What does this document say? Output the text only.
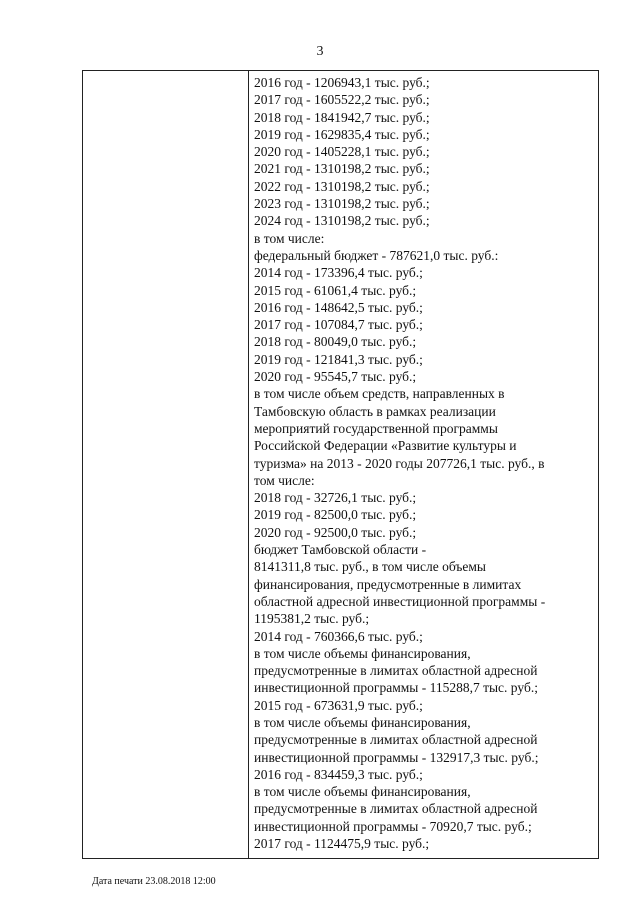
3
2016 год - 1206943,1 тыс. руб.;
2017 год - 1605522,2 тыс. руб.;
2018 год - 1841942,7 тыс. руб.;
2019 год - 1629835,4 тыс. руб.;
2020 год - 1405228,1 тыс. руб.;
2021 год - 1310198,2 тыс. руб.;
2022 год - 1310198,2 тыс. руб.;
2023 год - 1310198,2 тыс. руб.;
2024 год - 1310198,2 тыс. руб.;
в том числе:
федеральный бюджет - 787621,0 тыс. руб.:
2014 год - 173396,4 тыс. руб.;
2015 год - 61061,4 тыс. руб.;
2016 год - 148642,5 тыс. руб.;
2017 год - 107084,7 тыс. руб.;
2018 год - 80049,0 тыс. руб.;
2019 год - 121841,3 тыс. руб.;
2020 год - 95545,7 тыс. руб.;
в том числе объем средств, направленных в
Тамбовскую область в рамках реализации
мероприятий государственной программы
Российской Федерации «Развитие культуры и
туризма» на 2013 - 2020 годы 207726,1 тыс. руб., в
том числе:
2018 год - 32726,1 тыс. руб.;
2019 год - 82500,0 тыс. руб.;
2020 год - 92500,0 тыс. руб.;
бюджет Тамбовской области -
8141311,8 тыс. руб., в том числе объемы
финансирования, предусмотренные в лимитах
областной адресной инвестиционной программы -
1195381,2 тыс. руб.;
2014 год - 760366,6 тыс. руб.;
в том числе объемы финансирования,
предусмотренные в лимитах областной адресной
инвестиционной программы - 115288,7 тыс. руб.;
2015 год - 673631,9 тыс. руб.;
в том числе объемы финансирования,
предусмотренные в лимитах областной адресной
инвестиционной программы - 132917,3 тыс. руб.;
2016 год - 834459,3 тыс. руб.;
в том числе объемы финансирования,
предусмотренные в лимитах областной адресной
инвестиционной программы - 70920,7 тыс. руб.;
2017 год - 1124475,9 тыс. руб.;
Дата печати 23.08.2018 12:00
